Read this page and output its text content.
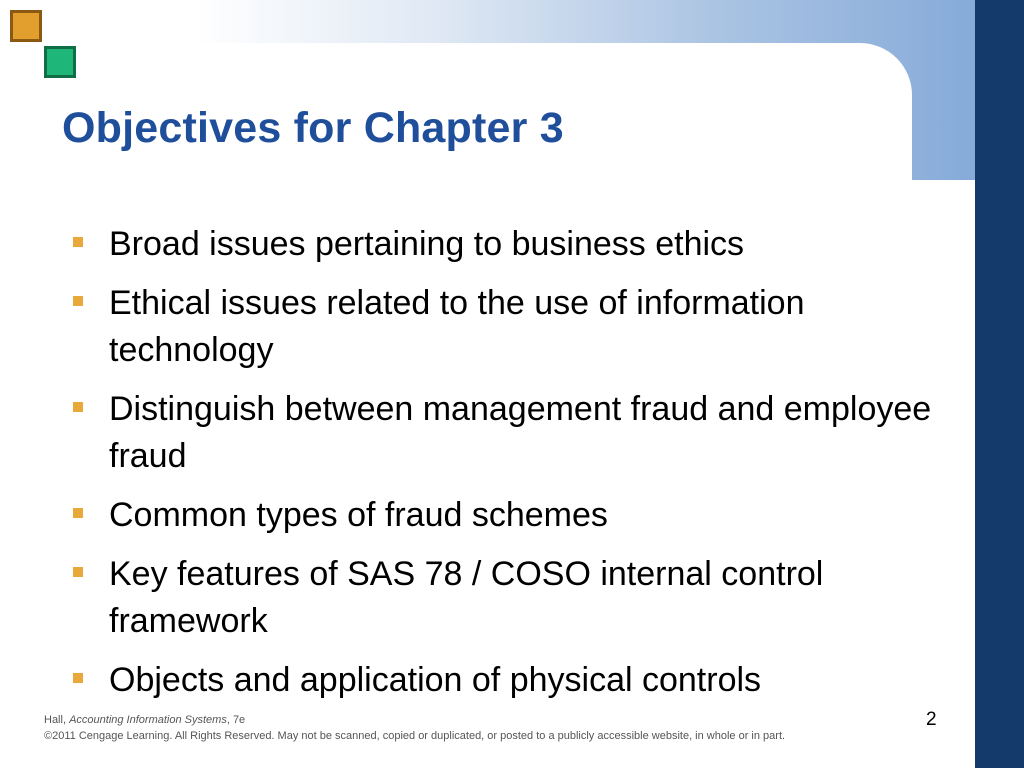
Objectives for Chapter 3
Broad issues pertaining to business ethics
Ethical issues related to the use of information technology
Distinguish between management fraud and employee fraud
Common types of fraud schemes
Key features of SAS 78 / COSO internal control framework
Objects and application of physical controls
Hall, Accounting Information Systems, 7e
©2011 Cengage Learning. All Rights Reserved. May not be scanned, copied or duplicated, or posted to a publicly accessible website, in whole or in part.
2
